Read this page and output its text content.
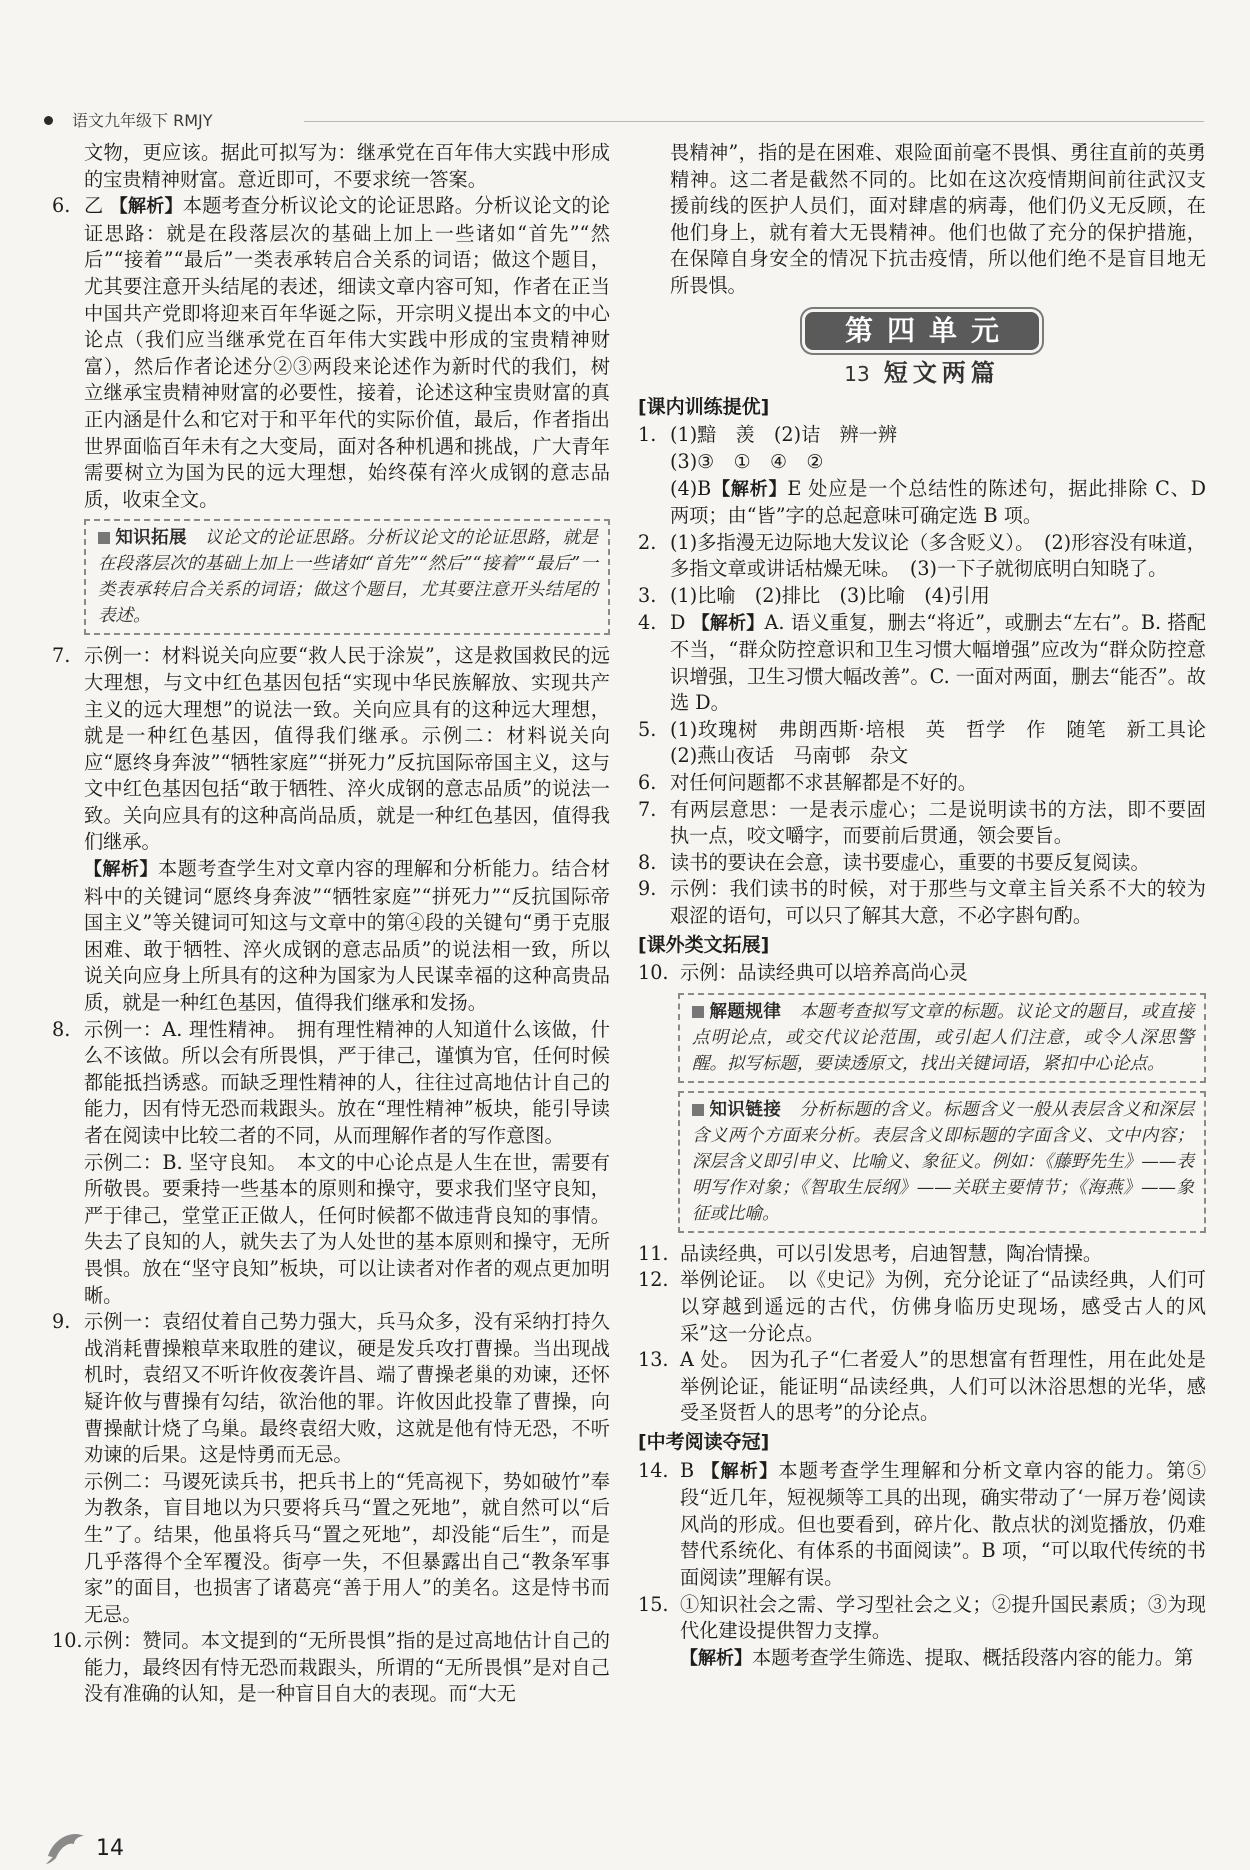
语文九年级下 RMJY

文物，更应该。据此可拟写为：继承党在百年伟大实践中形成的宝贵精神财富。意近即可，不要求统一答案。

6. 乙 【解析】本题考查分析议论文的论证思路。分析议论文的论证思路：就是在段落层次的基础上加上一些诸如“首先”“然后”“接着”“最后”一类表承转启合关系的词语；做这个题目，尤其要注意开头结尾的表述，细读文章内容可知，作者在正当中国共产党即将迎来百年华诞之际，开宗明义提出本文的中心论点（我们应当继承党在百年伟大实践中形成的宝贵精神财富），然后作者论述分②③两段来论述作为新时代的我们，树立继承宝贵精神财富的必要性，接着，论述这种宝贵财富的真正内涵是什么和它对于和平年代的实际价值，最后，作者指出世界面临百年未有之大变局，面对各种机遇和挑战，广大青年需要树立为国为民的远大理想，始终葆有淬火成钢的意志品质，收束全文。
知识拓展　 议论文的论证思路。分析议论文的论证思路，就是在段落层次的基础上加上一些诸如“首先”“然后”“接着”“最后”一类表承转启合关系的词语；做这个题目，尤其要注意开头结尾的表述。
7. 示例一：材料说关向应要“救人民于涂炭”，这是救国救民的远大理想，与文中红色基因包括“实现中华民族解放、实现共产主义的远大理想”的说法一致。关向应具有的这种远大理想，就是一种红色基因，值得我们继承。示例二：材料说关向应“愿终身奔波”“牺牲家庭”“拼死力”反抗国际帝国主义，这与文中红色基因包括“敢于牺牲、淬火成钢的意志品质”的说法一致。关向应具有的这种高尚品质，就是一种红色基因，值得我们继承。

【解析】本题考查学生对文章内容的理解和分析能力。结合材料中的关键词“愿终身奔波”“牺牲家庭”“拼死力”“反抗国际帝国主义”等关键词可知这与文章中的第④段的关键句“勇于克服困难、敢于牺牲、淬火成钢的意志品质”的说法相一致，所以说关向应身上所具有的这种为国家为人民谋幸福的这种高贵品质，就是一种红色基因，值得我们继承和发扬。

8. 示例一：A. 理性精神。　拥有理性精神的人知道什么该做，什么不该做。所以会有所畏惧，严于律己，谨慎为官，任何时候都能抵挡诱惑。而缺乏理性精神的人，往往过高地估计自己的能力，因有恃无恐而栽跟头。放在“理性精神”板块，能引导读者在阅读中比较二者的不同，从而理解作者的写作意图。

示例二：B. 坚守良知。　本文的中心论点是人生在世，需要有所敬畏。要秉持一些基本的原则和操守，要求我们坚守良知，严于律己，堂堂正正做人，任何时候都不做违背良知的事情。失去了良知的人，就失去了为人处世的基本原则和操守，无所畏惧。放在“坚守良知”板块，可以让读者对作者的观点更加明晰。

9. 示例一：袁绍仗着自己势力强大，兵马众多，没有采纳打持久战消耗曹操粮草来取胜的建议，硬是发兵攻打曹操。当出现战机时，袁绍又不听许攸夜袭许昌、端了曹操老巢的劝谏，还怀疑许攸与曹操有勾结，欲治他的罪。许攸因此投靠了曹操，向曹操献计烧了乌巢。最终袁绍大败，这就是他有恃无恐，不听劝谏的后果。这是恃勇而无忌。

示例二：马谡死读兵书，把兵书上的“凭高视下，势如破竹”奉为教条，盲目地以为只要将兵马“置之死地”，就自然可以“后生”了。结果，他虽将兵马“置之死地”，却没能“后生”，而是几乎落得个全军覆没。街亭一失，不但暴露出自己“教条军事家”的面目，也损害了诸葛亮“善于用人”的美名。这是恃书而无忌。

10. 示例：赞同。本文提到的“无所畏惧”指的是过高地估计自己的能力，最终因有恃无恐而栽跟头，所谓的“无所畏惧”是对自己没有准确的认知，是一种盲目自大的表现。而“大无

畏精神”，指的是在困难、艰险面前毫不畏惧、勇往直前的英勇精神。这二者是截然不同的。比如在这次疫情期间前往武汉支援前线的医护人员们，面对肆虐的病毒，他们仍义无反顾，在他们身上，就有着大无畏精神。他们也做了充分的保护措施，在保障自身安全的情况下抗击疫情，所以他们绝不是盲目地无所畏惧。

第四单元
13 短文两篇
[课内训练提优]
1. (1)黯　羡　(2)诘　辨一辨
(3)③　①　④　②
(4)B【解析】E 处应是一个总结性的陈述句，据此排除 C、D 两项；由“皆”字的总起意味可确定选 B 项。
2. (1)多指漫无边际地大发议论（多含贬义）。　(2)形容没有味道，多指文章或讲话枯燥无味。　(3)一下子就彻底明白知晓了。
3. (1)比喻　(2)排比　(3)比喻　(4)引用
4. D 【解析】A. 语义重复，删去“将近”，或删去“左右”。B. 搭配不当，“群众防控意识和卫生习惯大幅增强”应改为“群众防控意识增强，卫生习惯大幅改善”。C. 一面对两面，删去“能否”。故选 D。
5. (1)玫瑰树　弗朗西斯·培根　英　哲学　作　随笔　新工具论　(2)燕山夜话　马南邨　杂文
6. 对任何问题都不求甚解都是不好的。
7. 有两层意思：一是表示虚心；二是说明读书的方法，即不要固执一点，咬文嚼字，而要前后贯通，领会要旨。
8. 读书的要诀在会意，读书要虚心，重要的书要反复阅读。
9. 示例：我们读书的时候，对于那些与文章主旨关系不大的较为艰涩的语句，可以只了解其大意，不必字斟句酌。
[课外类文拓展]
10. 示例：品读经典可以培养高尚心灵
解题规律　 本题考查拟写文章的标题。议论文的题目，或直接点明论点，或交代议论范围，或引起人们注意，或令人深思警醒。拟写标题，要读透原文，找出关键词语，紧扣中心论点。
知识链接　 分析标题的含义。标题含义一般从表层含义和深层含义两个方面来分析。表层含义即标题的字面含义、文中内容；深层含义即引申义、比喻义、象征义。例如：《藤野先生》——表明写作对象；《智取生辰纲》——关联主要情节；《海燕》——象征或比喻。
11. 品读经典，可以引发思考，启迪智慧，陶冶情操。
12. 举例论证。　以《史记》为例，充分论证了“品读经典，人们可以穿越到遥远的古代，仿佛身临历史现场，感受古人的风采”这一分论点。
13. A 处。　因为孔子“仁者爱人”的思想富有哲理性，用在此处是举例论证，能证明“品读经典，人们可以沐浴思想的光华，感受圣贤哲人的思考”的分论点。
[中考阅读夺冠]
14. B 【解析】本题考查学生理解和分析文章内容的能力。第⑤段“近几年，短视频等工具的出现，确实带动了‘一屏万卷’阅读风尚的形成。但也要看到，碎片化、散点状的浏览播放，仍难替代系统化、有体系的书面阅读”。B 项，“可以取代传统的书面阅读”理解有误。
15. ①知识社会之需、学习型社会之义；②提升国民素质；③为现代化建设提供智力支撑。

【解析】本题考查学生筛选、提取、概括段落内容的能力。第

14
